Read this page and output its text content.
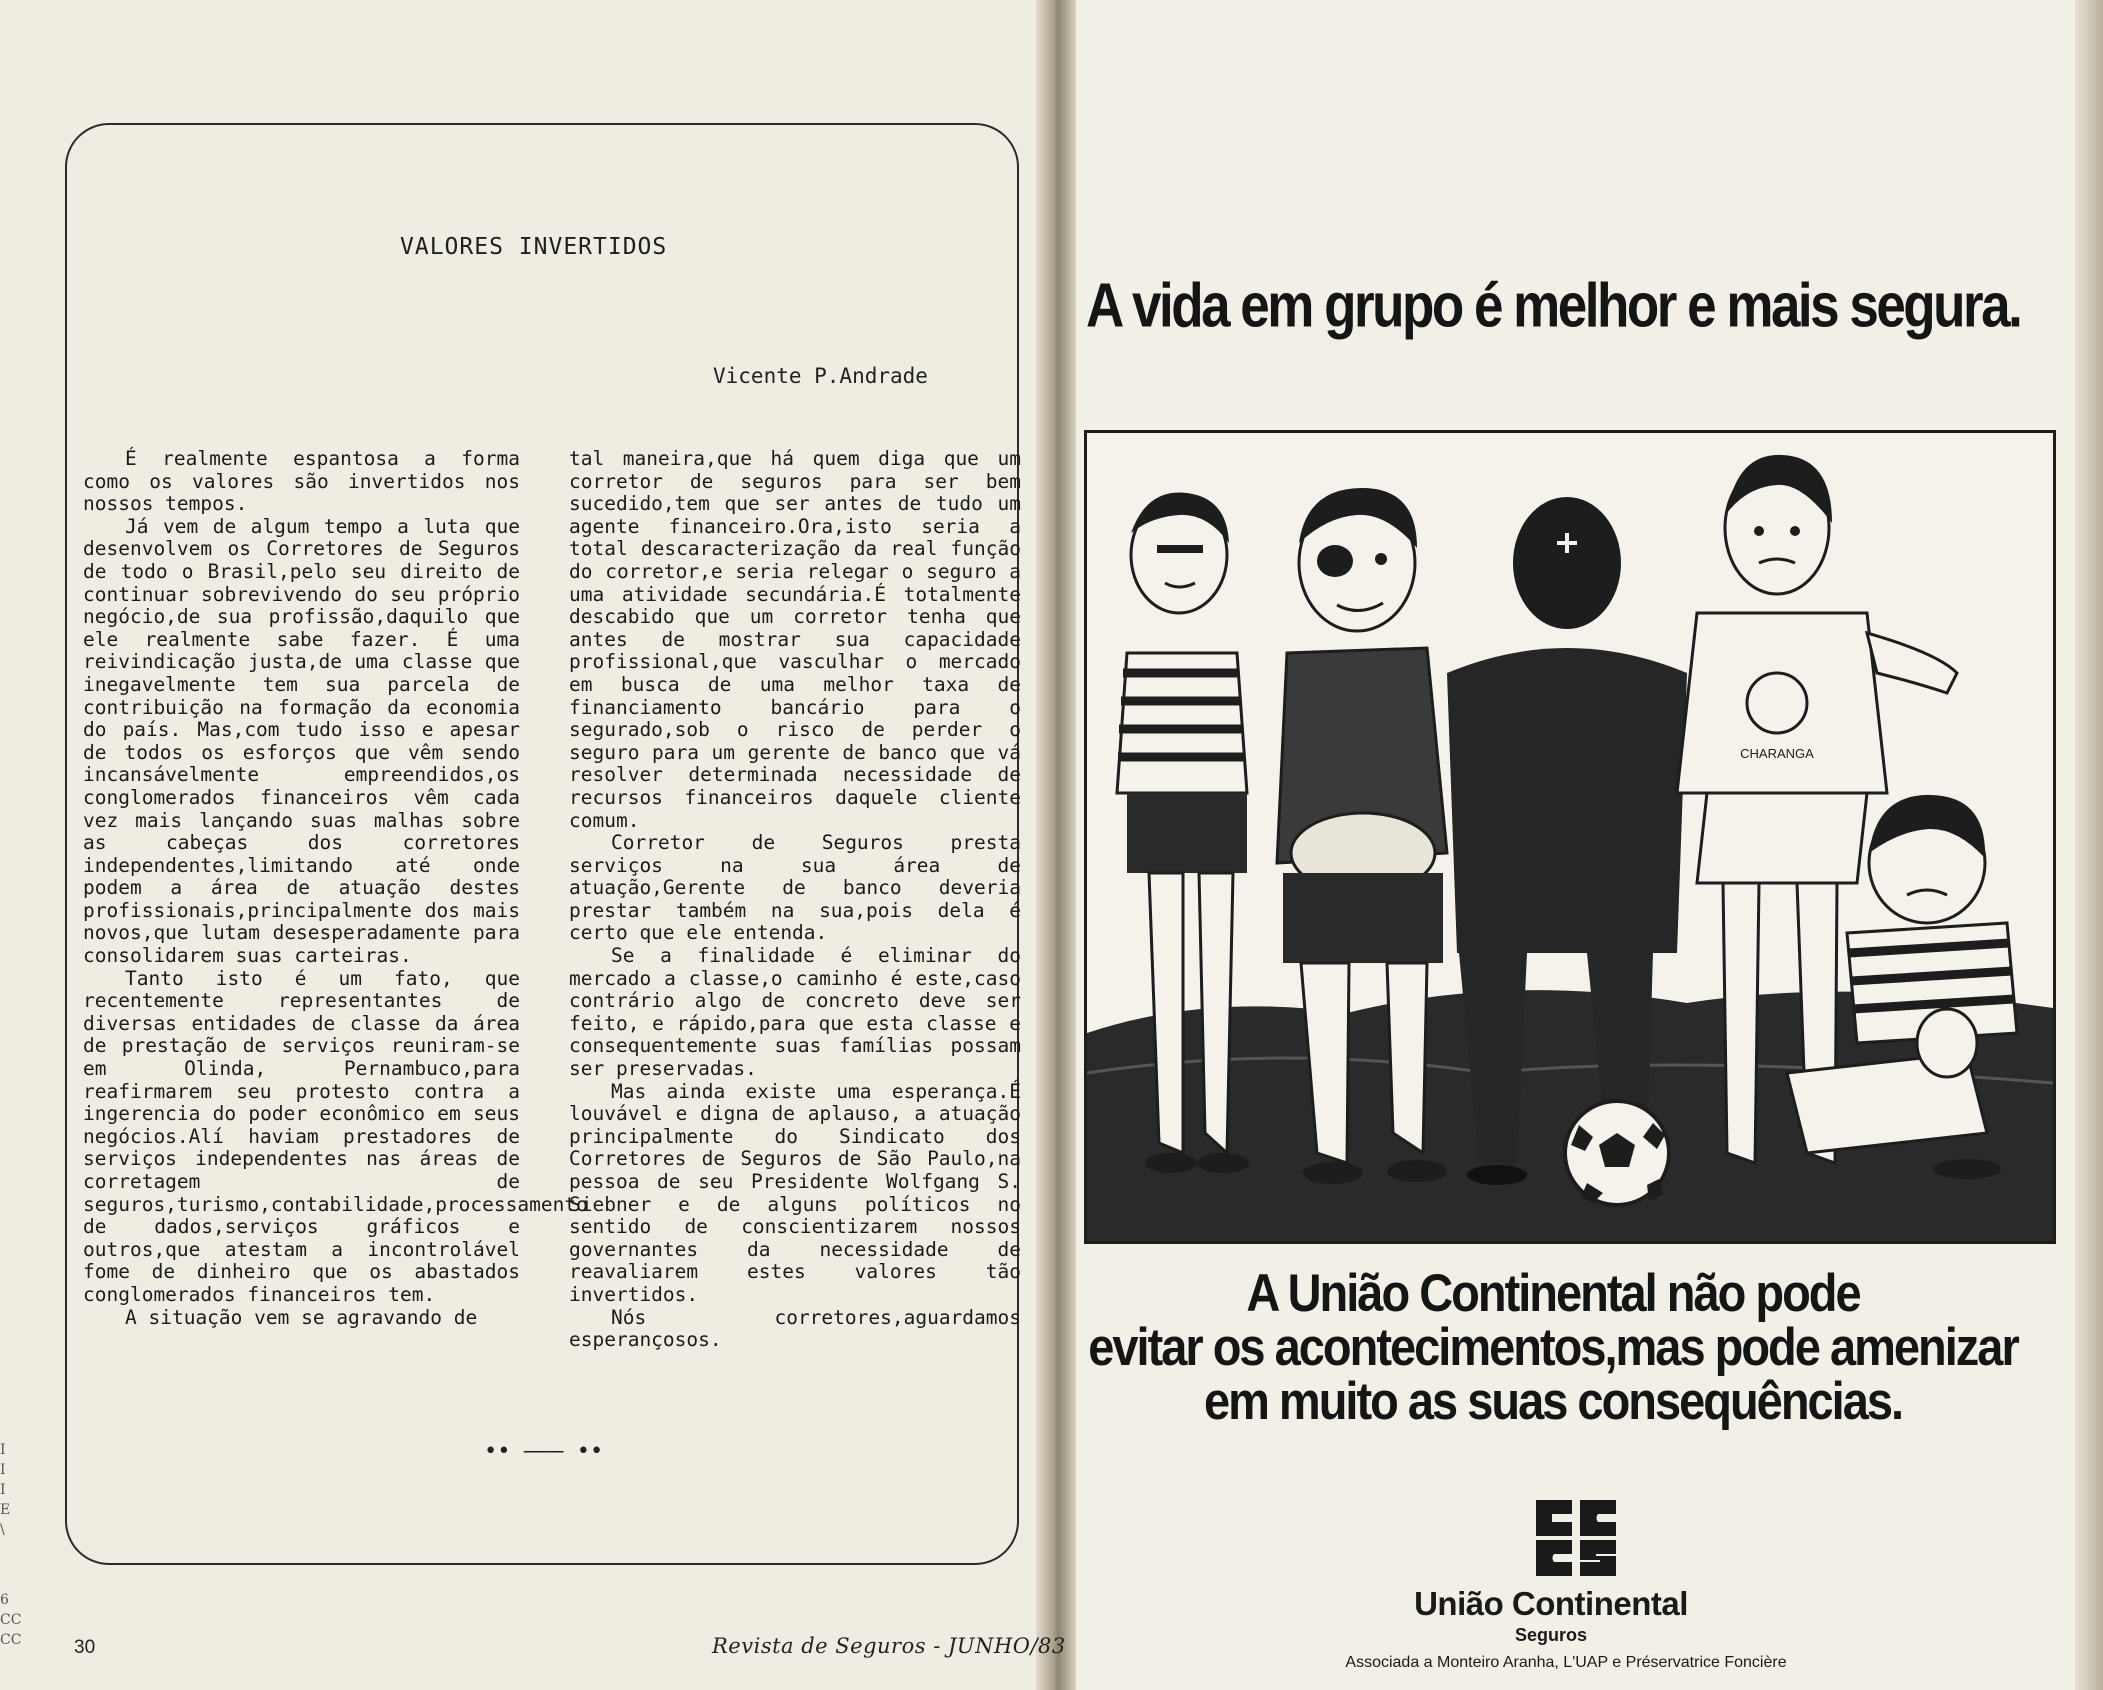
I
I
I
E
\
6
CC
CC
VALORES INVERTIDOS
Vicente P.Andrade

É realmente espantosa a forma como os valores são invertidos nos nossos tempos.

Já vem de algum tempo a luta que desenvolvem os Corretores de Seguros de todo o Brasil,pelo seu direito de continuar sobrevivendo do seu próprio negócio,de sua profissão,daquilo que ele realmente sabe fazer. É uma reivindicação justa,de uma classe que inegavelmente tem sua parcela de contribuição na formação da economia do país. Mas,com tudo isso e apesar de todos os esforços que vêm sendo incansávelmente empreendidos,os conglomerados financeiros vêm cada vez mais lançando suas malhas sobre as cabeças dos corretores independentes,limitando até onde podem a área de atuação destes profissionais,principalmente dos mais novos,que lutam desesperadamente para consolidarem suas carteiras.

Tanto isto é um fato, que recentemente representantes de diversas entidades de classe da área de prestação de serviços reuniram-se em Olinda, Pernambuco,para reafirmarem seu protesto contra a ingerencia do poder econômico em seus negócios.Alí haviam prestadores de serviços independentes nas áreas de corretagem de seguros,turismo,contabilidade,processamento de dados,serviços gráficos e outros,que atestam a incontrolável fome de dinheiro que os abastados conglomerados financeiros tem.

A situação vem se agravando de

tal maneira,que há quem diga que um corretor de seguros para ser bem sucedido,tem que ser antes de tudo um agente financeiro.Ora,isto seria a total descaracterização da real função do corretor,e seria relegar o seguro a uma atividade secundária.É totalmente descabido que um corretor tenha que antes de mostrar sua capacidade profissional,que vasculhar o mercado em busca de uma melhor taxa de financiamento bancário para o segurado,sob o risco de perder o seguro para um gerente de banco que vá resolver determinada necessidade de recursos financeiros daquele cliente comum.

Corretor de Seguros presta serviços na sua área de atuação,Gerente de banco deveria prestar também na sua,pois dela é certo que ele entenda.

Se a finalidade é eliminar do mercado a classe,o caminho é este,caso contrário algo de concreto deve ser feito, e rápido,para que esta classe e consequentemente suas famílias possam ser preservadas.

Mas ainda existe uma esperança.É louvável e digna de aplauso, a atuação principalmente do Sindicato dos Corretores de Seguros de São Paulo,na pessoa de seu Presidente Wolfgang S. Siebner e de alguns políticos no sentido de conscientizarem nossos governantes da necessidade de reavaliarem estes valores tão invertidos.

Nós corretores,aguardamos esperançosos.

•• ——— ••
30	Revista de Seguros - JUNHO/83
A vida em grupo é melhor e mais segura.
CHARANGA
A União Continental não pode
evitar os acontecimentos,mas pode amenizar
em muito as suas consequências.
União Continental
Seguros
Associada a Monteiro Aranha, L'UAP e Préservatrice Foncière
